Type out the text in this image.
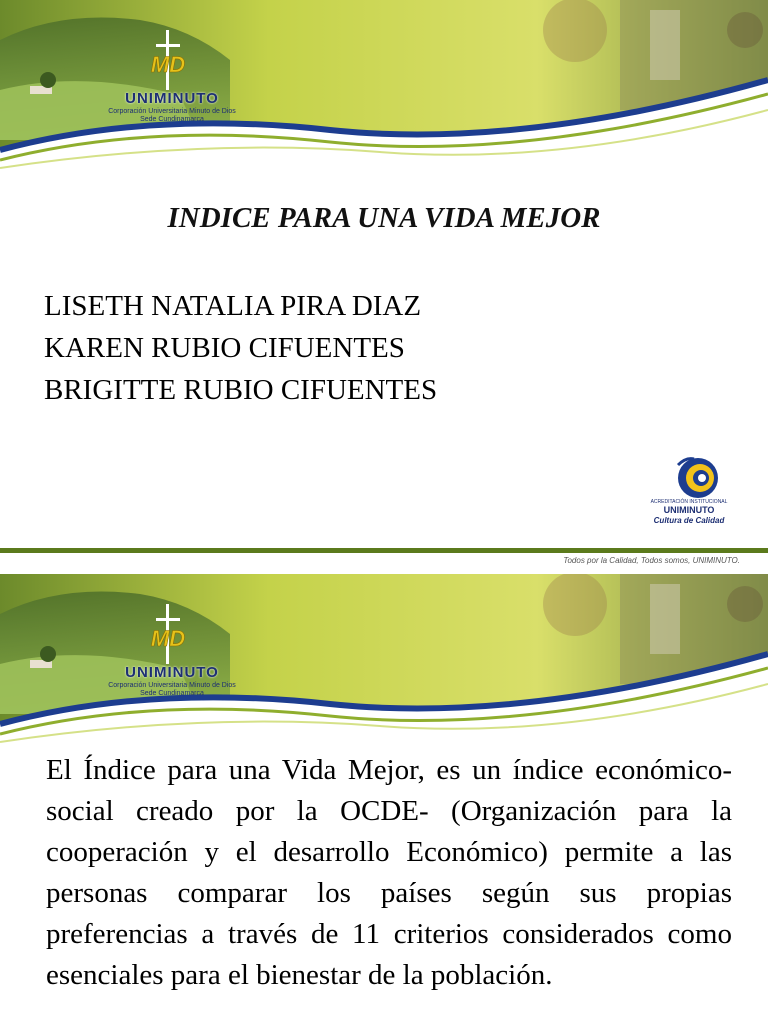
MD
UNIMINUTO
Corporación Universitaria Minuto de Dios
Sede Cundinamarca
INDICE PARA UNA VIDA MEJOR
LISETH NATALIA PIRA DIAZ
KAREN RUBIO CIFUENTES
BRIGITTE RUBIO CIFUENTES
ACREDITACIÓN INSTITUCIONAL
UNIMINUTO
Cultura de Calidad
Todos por la Calidad, Todos somos, UNIMINUTO.
MD
UNIMINUTO
Corporación Universitaria Minuto de Dios
Sede Cundinamarca

El Índice para una Vida Mejor, es un índice económico-social creado por la OCDE- (Organización para la cooperación y el desarrollo Económico) permite a las personas comparar los países según sus propias preferencias a través de 11 criterios considerados como esenciales para el bienestar de la población.
